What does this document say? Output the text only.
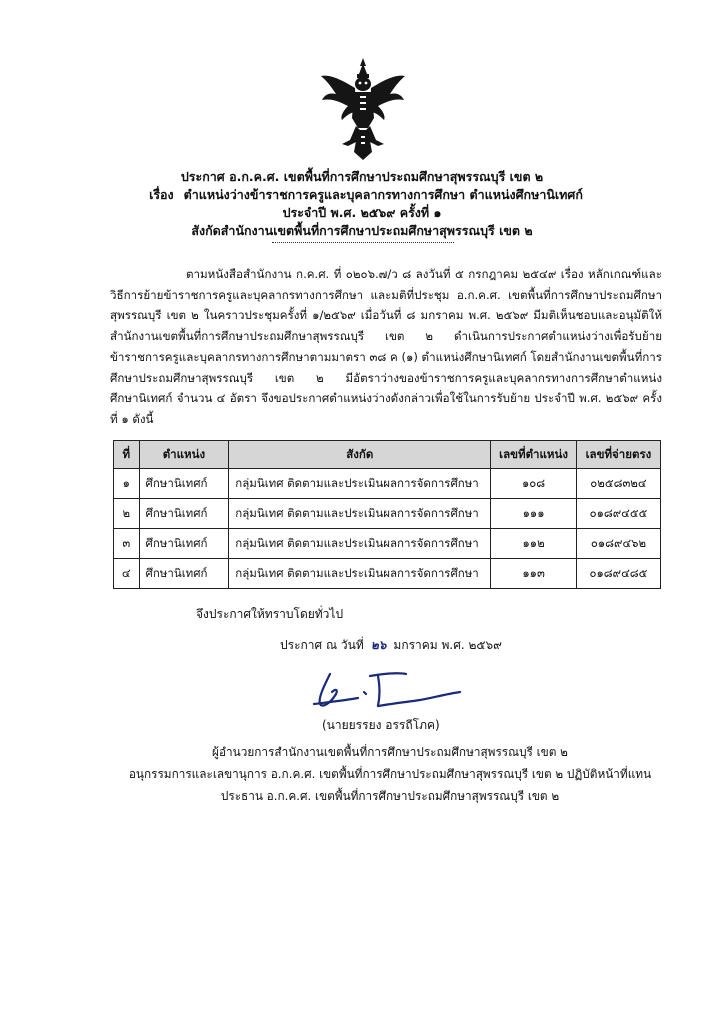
ประกาศ อ.ก.ค.ศ. เขตพื้นที่การศึกษาประถมศึกษาสุพรรณบุรี เขต ๒
เรื่อง ตำแหน่งว่างข้าราชการครูและบุคลากรทางการศึกษา ตำแหน่งศึกษานิเทศก์
ประจำปี พ.ศ. ๒๕๖๙ ครั้งที่ ๑
สังกัดสำนักงานเขตพื้นที่การศึกษาประถมศึกษาสุพรรณบุรี เขต ๒
ตามหนังสือสำนักงาน ก.ค.ศ. ที่ ๐๒๐๖.๗/ว ๘ ลงวันที่ ๕ กรกฎาคม ๒๕๔๙ เรื่อง หลักเกณฑ์และวิธีการย้ายข้าราชการครูและบุคลากรทางการศึกษา และมติที่ประชุม อ.ก.ค.ศ. เขตพื้นที่การศึกษาประถมศึกษาสุพรรณบุรี เขต ๒ ในคราวประชุมครั้งที่ ๑/๒๕๖๙ เมื่อวันที่ ๘ มกราคม พ.ศ. ๒๕๖๙ มีมติเห็นชอบและอนุมัติให้สำนักงานเขตพื้นที่การศึกษาประถมศึกษาสุพรรณบุรี เขต ๒ ดำเนินการประกาศตำแหน่งว่างเพื่อรับย้ายข้าราชการครูและบุคลากรทางการศึกษาตามมาตรา ๓๘ ค (๑) ตำแหน่งศึกษานิเทศก์ โดยสำนักงานเขตพื้นที่การศึกษาประถมศึกษาสุพรรณบุรี เขต ๒ มีอัตราว่างของข้าราชการครูและบุคลากรทางการศึกษาตำแหน่งศึกษานิเทศก์ จำนวน ๔ อัตรา จึงขอประกาศตำแหน่งว่างดังกล่าวเพื่อใช้ในการรับย้าย ประจำปี พ.ศ. ๒๕๖๙ ครั้งที่ ๑ ดังนี้
ที่	ตำแหน่ง	สังกัด	เลขที่ตำแหน่ง	เลขที่จ่ายตรง
๑	ศึกษานิเทศก์	กลุ่มนิเทศ ติดตามและประเมินผลการจัดการศึกษา	๑๐๘	๐๒๕๘๓๒๔
๒	ศึกษานิเทศก์	กลุ่มนิเทศ ติดตามและประเมินผลการจัดการศึกษา	๑๑๑	๐๑๘๙๔๕๕
๓	ศึกษานิเทศก์	กลุ่มนิเทศ ติดตามและประเมินผลการจัดการศึกษา	๑๑๒	๐๑๘๙๔๖๒
๔	ศึกษานิเทศก์	กลุ่มนิเทศ ติดตามและประเมินผลการจัดการศึกษา	๑๑๓	๐๑๘๙๔๘๕
จึงประกาศให้ทราบโดยทั่วไป
ประกาศ ณ วันที่ ๒๖ มกราคม พ.ศ. ๒๕๖๙
(นายยรรยง อรรถีโภค)
ผู้อำนวยการสำนักงานเขตพื้นที่การศึกษาประถมศึกษาสุพรรณบุรี เขต ๒
อนุกรรมการและเลขานุการ อ.ก.ค.ศ. เขตพื้นที่การศึกษาประถมศึกษาสุพรรณบุรี เขต ๒ ปฏิบัติหน้าที่แทน
ประธาน อ.ก.ค.ศ. เขตพื้นที่การศึกษาประถมศึกษาสุพรรณบุรี เขต ๒
